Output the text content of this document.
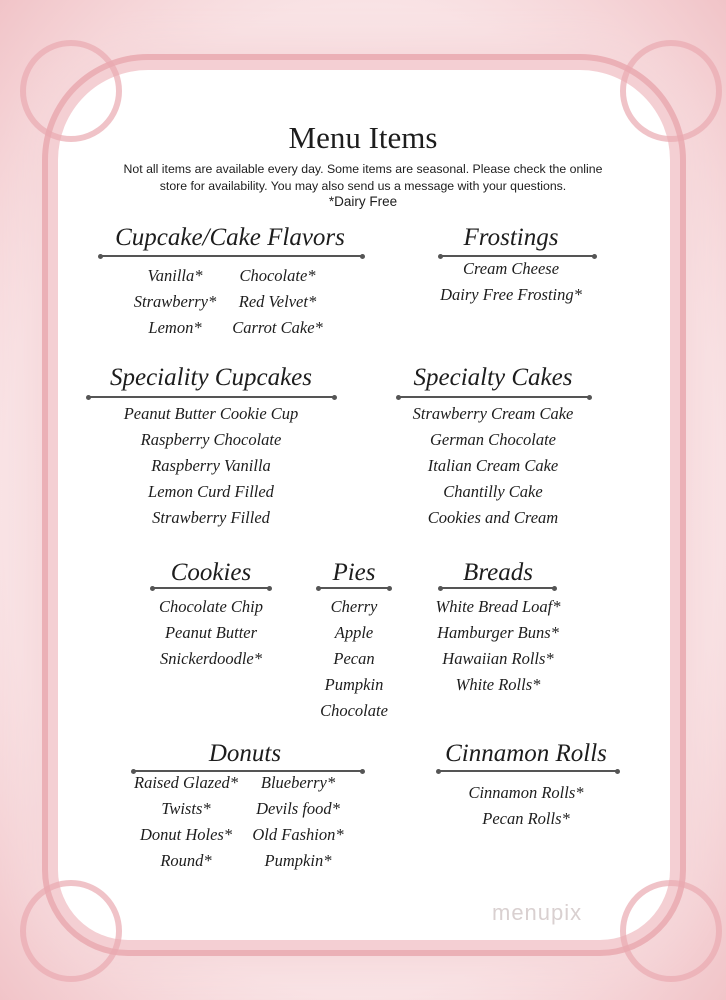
Menu Items
Not all items are available every day. Some items are seasonal. Please check the online
store for availability. You may also send us a message with your questions.
*Dairy Free
Cupcake/Cake Flavors
Vanilla*
Strawberry*
Lemon*
Chocolate*
Red Velvet*
Carrot Cake*
Frostings
Cream Cheese
Dairy Free Frosting*
Speciality Cupcakes
Peanut Butter Cookie Cup
Raspberry Chocolate
Raspberry Vanilla
Lemon Curd Filled
Strawberry Filled
Specialty Cakes
Strawberry Cream Cake
German Chocolate
Italian Cream Cake
Chantilly Cake
Cookies and Cream
Cookies
Chocolate Chip
Peanut Butter
Snickerdoodle*
Pies
Cherry
Apple
Pecan
Pumpkin
Chocolate
Breads
White Bread Loaf*
Hamburger Buns*
Hawaiian Rolls*
White Rolls*
Donuts
Raised Glazed*
Twists*
Donut Holes*
Round*
Blueberry*
Devils food*
Old Fashion*
Pumpkin*
Cinnamon Rolls
Cinnamon Rolls*
Pecan Rolls*
menupix
